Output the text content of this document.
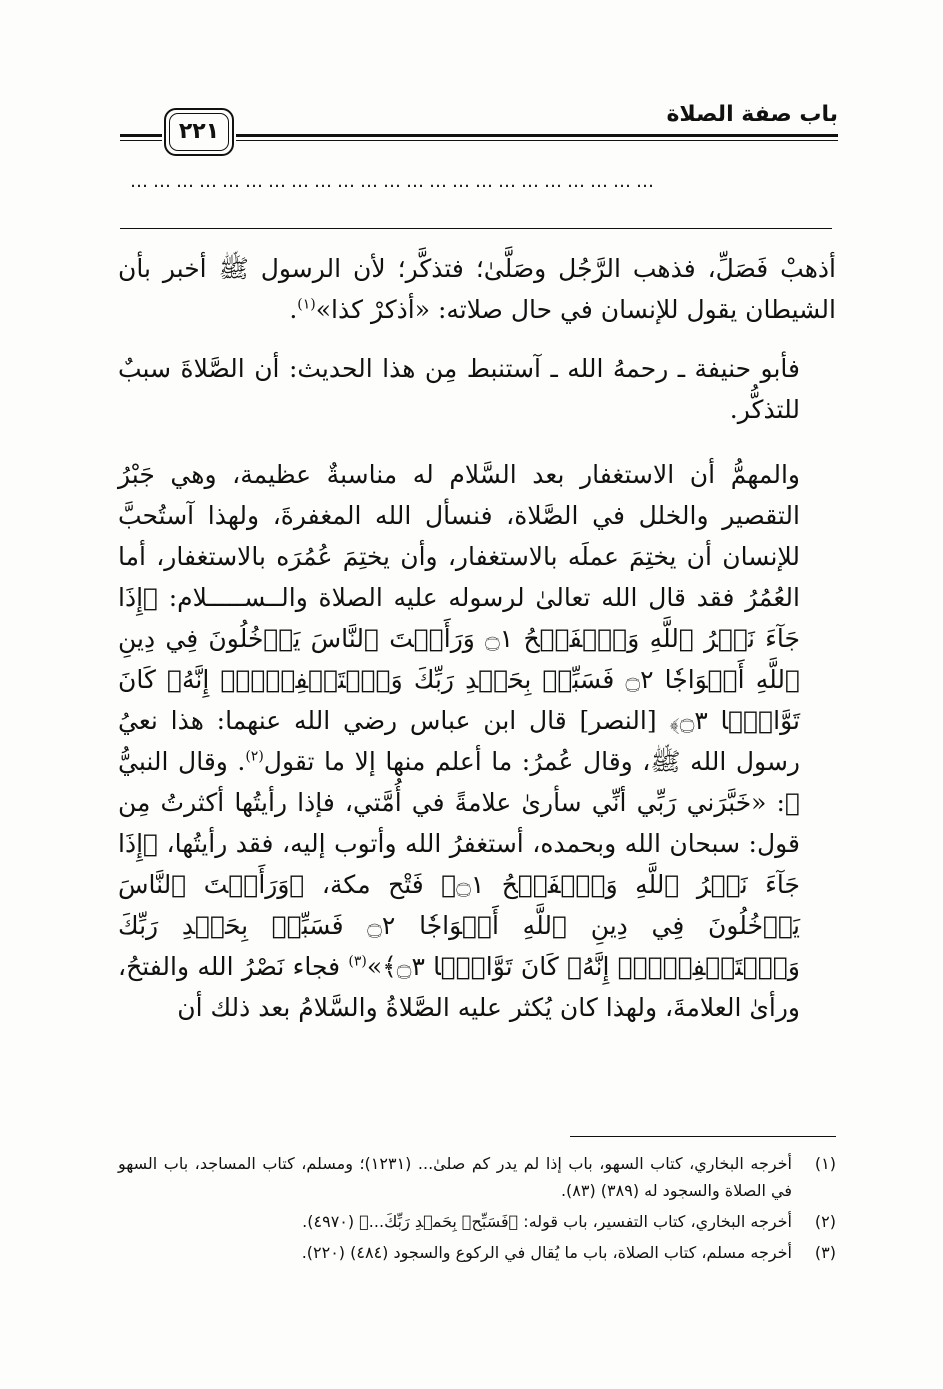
باب صفة الصلاة
٢٢١
……………………………………………………………

أذهبْ فَصَلِّ، فذهب الرَّجُل وصَلَّىٰ؛ فتذكَّر؛ لأن الرسول ﷺ أخبر بأن الشيطان يقول للإنسان في حال صلاته: «أذكرْ كذا»$^{(١)}$.

فأبو حنيفة ـ رحمهُ الله ـ آستنبط مِن هذا الحديث: أن الصَّلاةَ سببٌ للتذكُّر.

والمهمُّ أن الاستغفار بعد السَّلام له مناسبةٌ عظيمة، وهي جَبْرُ التقصير والخلل في الصَّلاة، فنسأل الله المغفرةَ، ولهذا آستُحبَّ للإنسان أن يختِمَ عملَه بالاستغفار، وأن يختِمَ عُمُرَه بالاستغفار، أما العُمُرُ فقد قال الله تعالىٰ لرسوله عليه الصلاة والــســـــلام: ﴿إِذَا جَآءَ نَصۡرُ ٱللَّهِ وَٱلۡفَتۡحُ ۝١ وَرَأَيۡتَ ٱلنَّاسَ يَدۡخُلُونَ فِي دِينِ ٱللَّهِ أَفۡوَاجٗا ۝٢ فَسَبِّحۡ بِحَمۡدِ رَبِّكَ وَٱسۡتَغۡفِرۡهُۚ إِنَّهُۥ كَانَ تَوَّابَۢا ۝٣﴾ [النصر] قال ابن عباس رضي الله عنهما: هذا نعيُ رسول الله ﷺ، وقال عُمرُ: ما أعلم منها إلا ما تقول$^{(٢)}$. وقال النبيُّ ﷺ: «خَبَّرَني رَبِّي أنِّي سأرىٰ علامةً في أُمَّتي، فإذا رأيتُها أكثرتُ مِن قول: سبحان الله وبحمده، أستغفرُ الله وأتوب إليه، فقد رأيتُها، ﴿إِذَا جَآءَ نَصۡرُ ٱللَّهِ وَٱلۡفَتۡحُ ۝١﴾ فَتْح مكة، ﴿وَرَأَيۡتَ ٱلنَّاسَ يَدۡخُلُونَ فِي دِينِ ٱللَّهِ أَفۡوَاجٗا ۝٢ فَسَبِّحۡ بِحَمۡدِ رَبِّكَ وَٱسۡتَغۡفِرۡهُۚ إِنَّهُۥ كَانَ تَوَّابَۢا ۝٣﴾»$^{(٣)}$ فجاء نَصْرُ الله والفتحُ، ورأىٰ العلامةَ، ولهذا كان يُكثر عليه الصَّلاةُ والسَّلامُ بعد ذلك أن

(١)
أخرجه البخاري، كتاب السهو، باب إذا لم يدر كم صلىٰ... (١٢٣١)؛ ومسلم، كتاب المساجد، باب السهو في الصلاة والسجود له (٣٨٩) (٨٣).
(٢)
أخرجه البخاري، كتاب التفسير، باب قوله: ﴿فَسَبِّحۡ بِحَمۡدِ رَبِّكَ...﴾ (٤٩٧٠).
(٣)
أخرجه مسلم، كتاب الصلاة، باب ما يُقال في الركوع والسجود (٤٨٤) (٢٢٠).
